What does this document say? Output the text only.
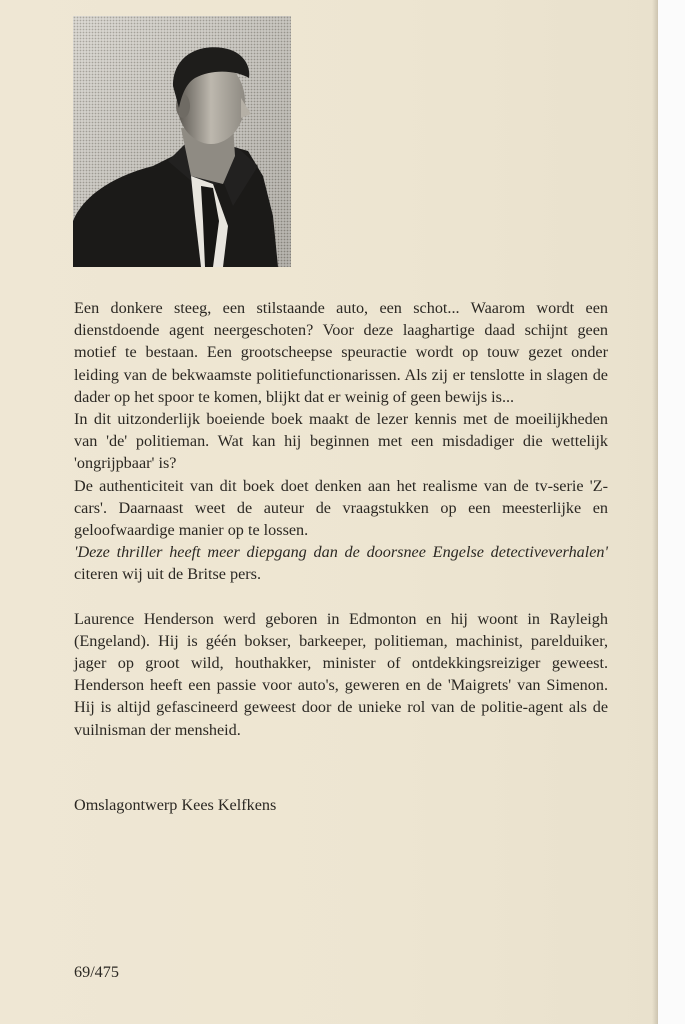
Een donkere steeg, een stilstaande auto, een schot... Waarom wordt een dienstdoende agent neergeschoten? Voor deze laaghartige daad schijnt geen motief te bestaan. Een grootscheepse speuractie wordt op touw gezet onder leiding van de bekwaamste politiefunctionarissen. Als zij er tenslotte in slagen de dader op het spoor te komen, blijkt dat er weinig of geen bewijs is...

In dit uitzonderlijk boeiende boek maakt de lezer kennis met de moeilijkheden van 'de' politieman. Wat kan hij beginnen met een misdadiger die wettelijk 'ongrijpbaar' is?

De authenticiteit van dit boek doet denken aan het realisme van de tv-serie 'Z-cars'. Daarnaast weet de auteur de vraagstukken op een meesterlijke en geloofwaardige manier op te lossen.

'Deze thriller heeft meer diepgang dan de doorsnee Engelse detectiveverhalen' citeren wij uit de Britse pers.

Laurence Henderson werd geboren in Edmonton en hij woont in Rayleigh (Engeland). Hij is géén bokser, barkeeper, politieman, machinist, parelduiker, jager op groot wild, houthakker, minister of ontdekkingsreiziger geweest. Henderson heeft een passie voor auto's, geweren en de 'Maigrets' van Simenon. Hij is altijd gefascineerd geweest door de unieke rol van de politie-agent als de vuilnisman der mensheid.

Omslagontwerp Kees Kelfkens
69/475
